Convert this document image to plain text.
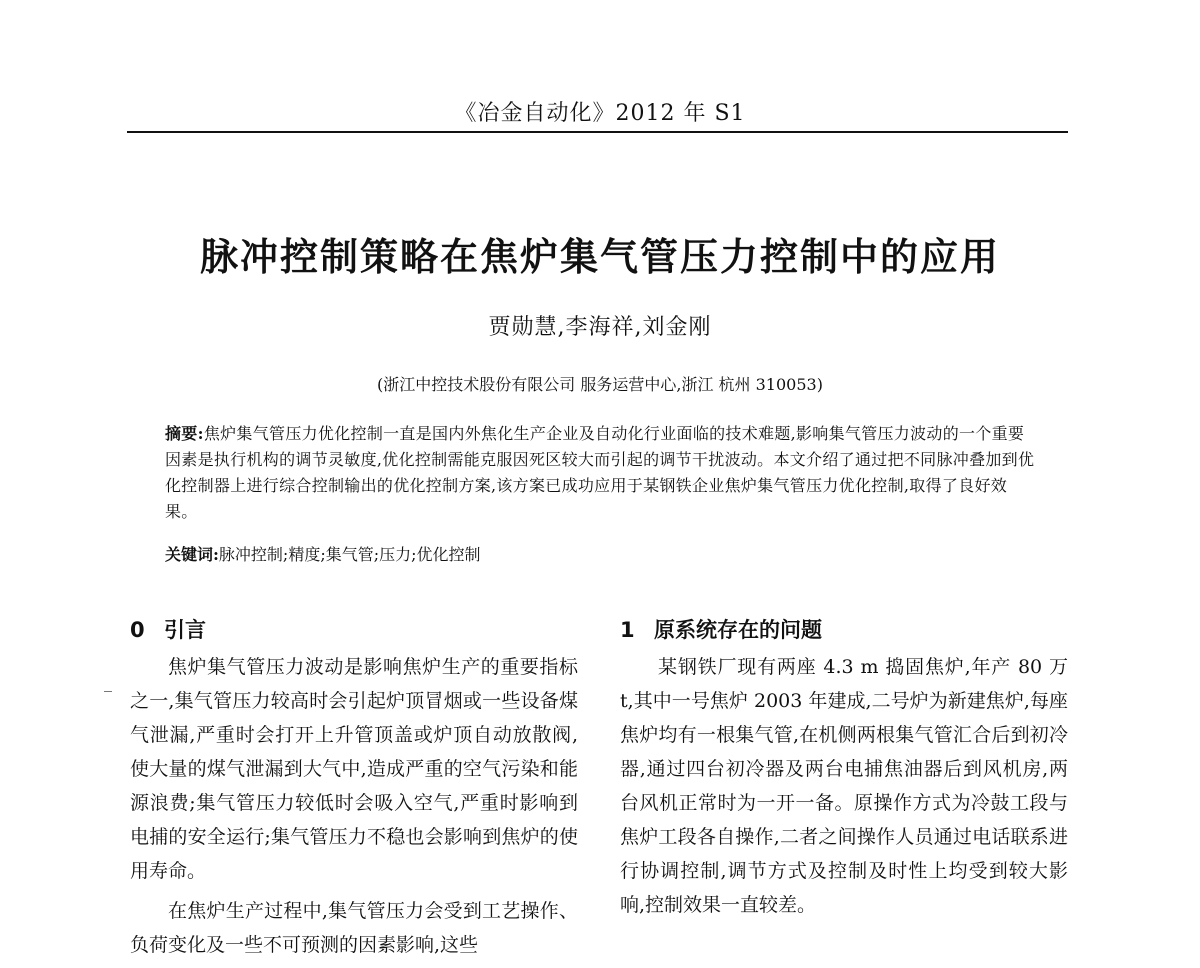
《冶金自动化》2012 年 S1
脉冲控制策略在焦炉集气管压力控制中的应用
贾勋慧,李海祥,刘金刚
(浙江中控技术股份有限公司 服务运营中心,浙江 杭州 310053)

摘要:焦炉集气管压力优化控制一直是国内外焦化生产企业及自动化行业面临的技术难题,影响集气管压力波动的一个重要因素是执行机构的调节灵敏度,优化控制需能克服因死区较大而引起的调节干扰波动。本文介绍了通过把不同脉冲叠加到优化控制器上进行综合控制输出的优化控制方案,该方案已成功应用于某钢铁企业焦炉集气管压力优化控制,取得了良好效果。

关键词:脉冲控制;精度;集气管;压力;优化控制
0 引言

焦炉集气管压力波动是影响焦炉生产的重要指标之一,集气管压力较高时会引起炉顶冒烟或一些设备煤气泄漏,严重时会打开上升管顶盖或炉顶自动放散阀,使大量的煤气泄漏到大气中,造成严重的空气污染和能源浪费;集气管压力较低时会吸入空气,严重时影响到电捕的安全运行;集气管压力不稳也会影响到焦炉的使用寿命。

在焦炉生产过程中,集气管压力会受到工艺操作、负荷变化及一些不可预测的因素影响,这些

1 原系统存在的问题

某钢铁厂现有两座 4.3 m 捣固焦炉,年产 80 万 t,其中一号焦炉 2003 年建成,二号炉为新建焦炉,每座焦炉均有一根集气管,在机侧两根集气管汇合后到初冷器,通过四台初冷器及两台电捕焦油器后到风机房,两台风机正常时为一开一备。原操作方式为冷鼓工段与焦炉工段各自操作,二者之间操作人员通过电话联系进行协调控制,调节方式及控制及时性上均受到较大影响,控制效果一直较差。
